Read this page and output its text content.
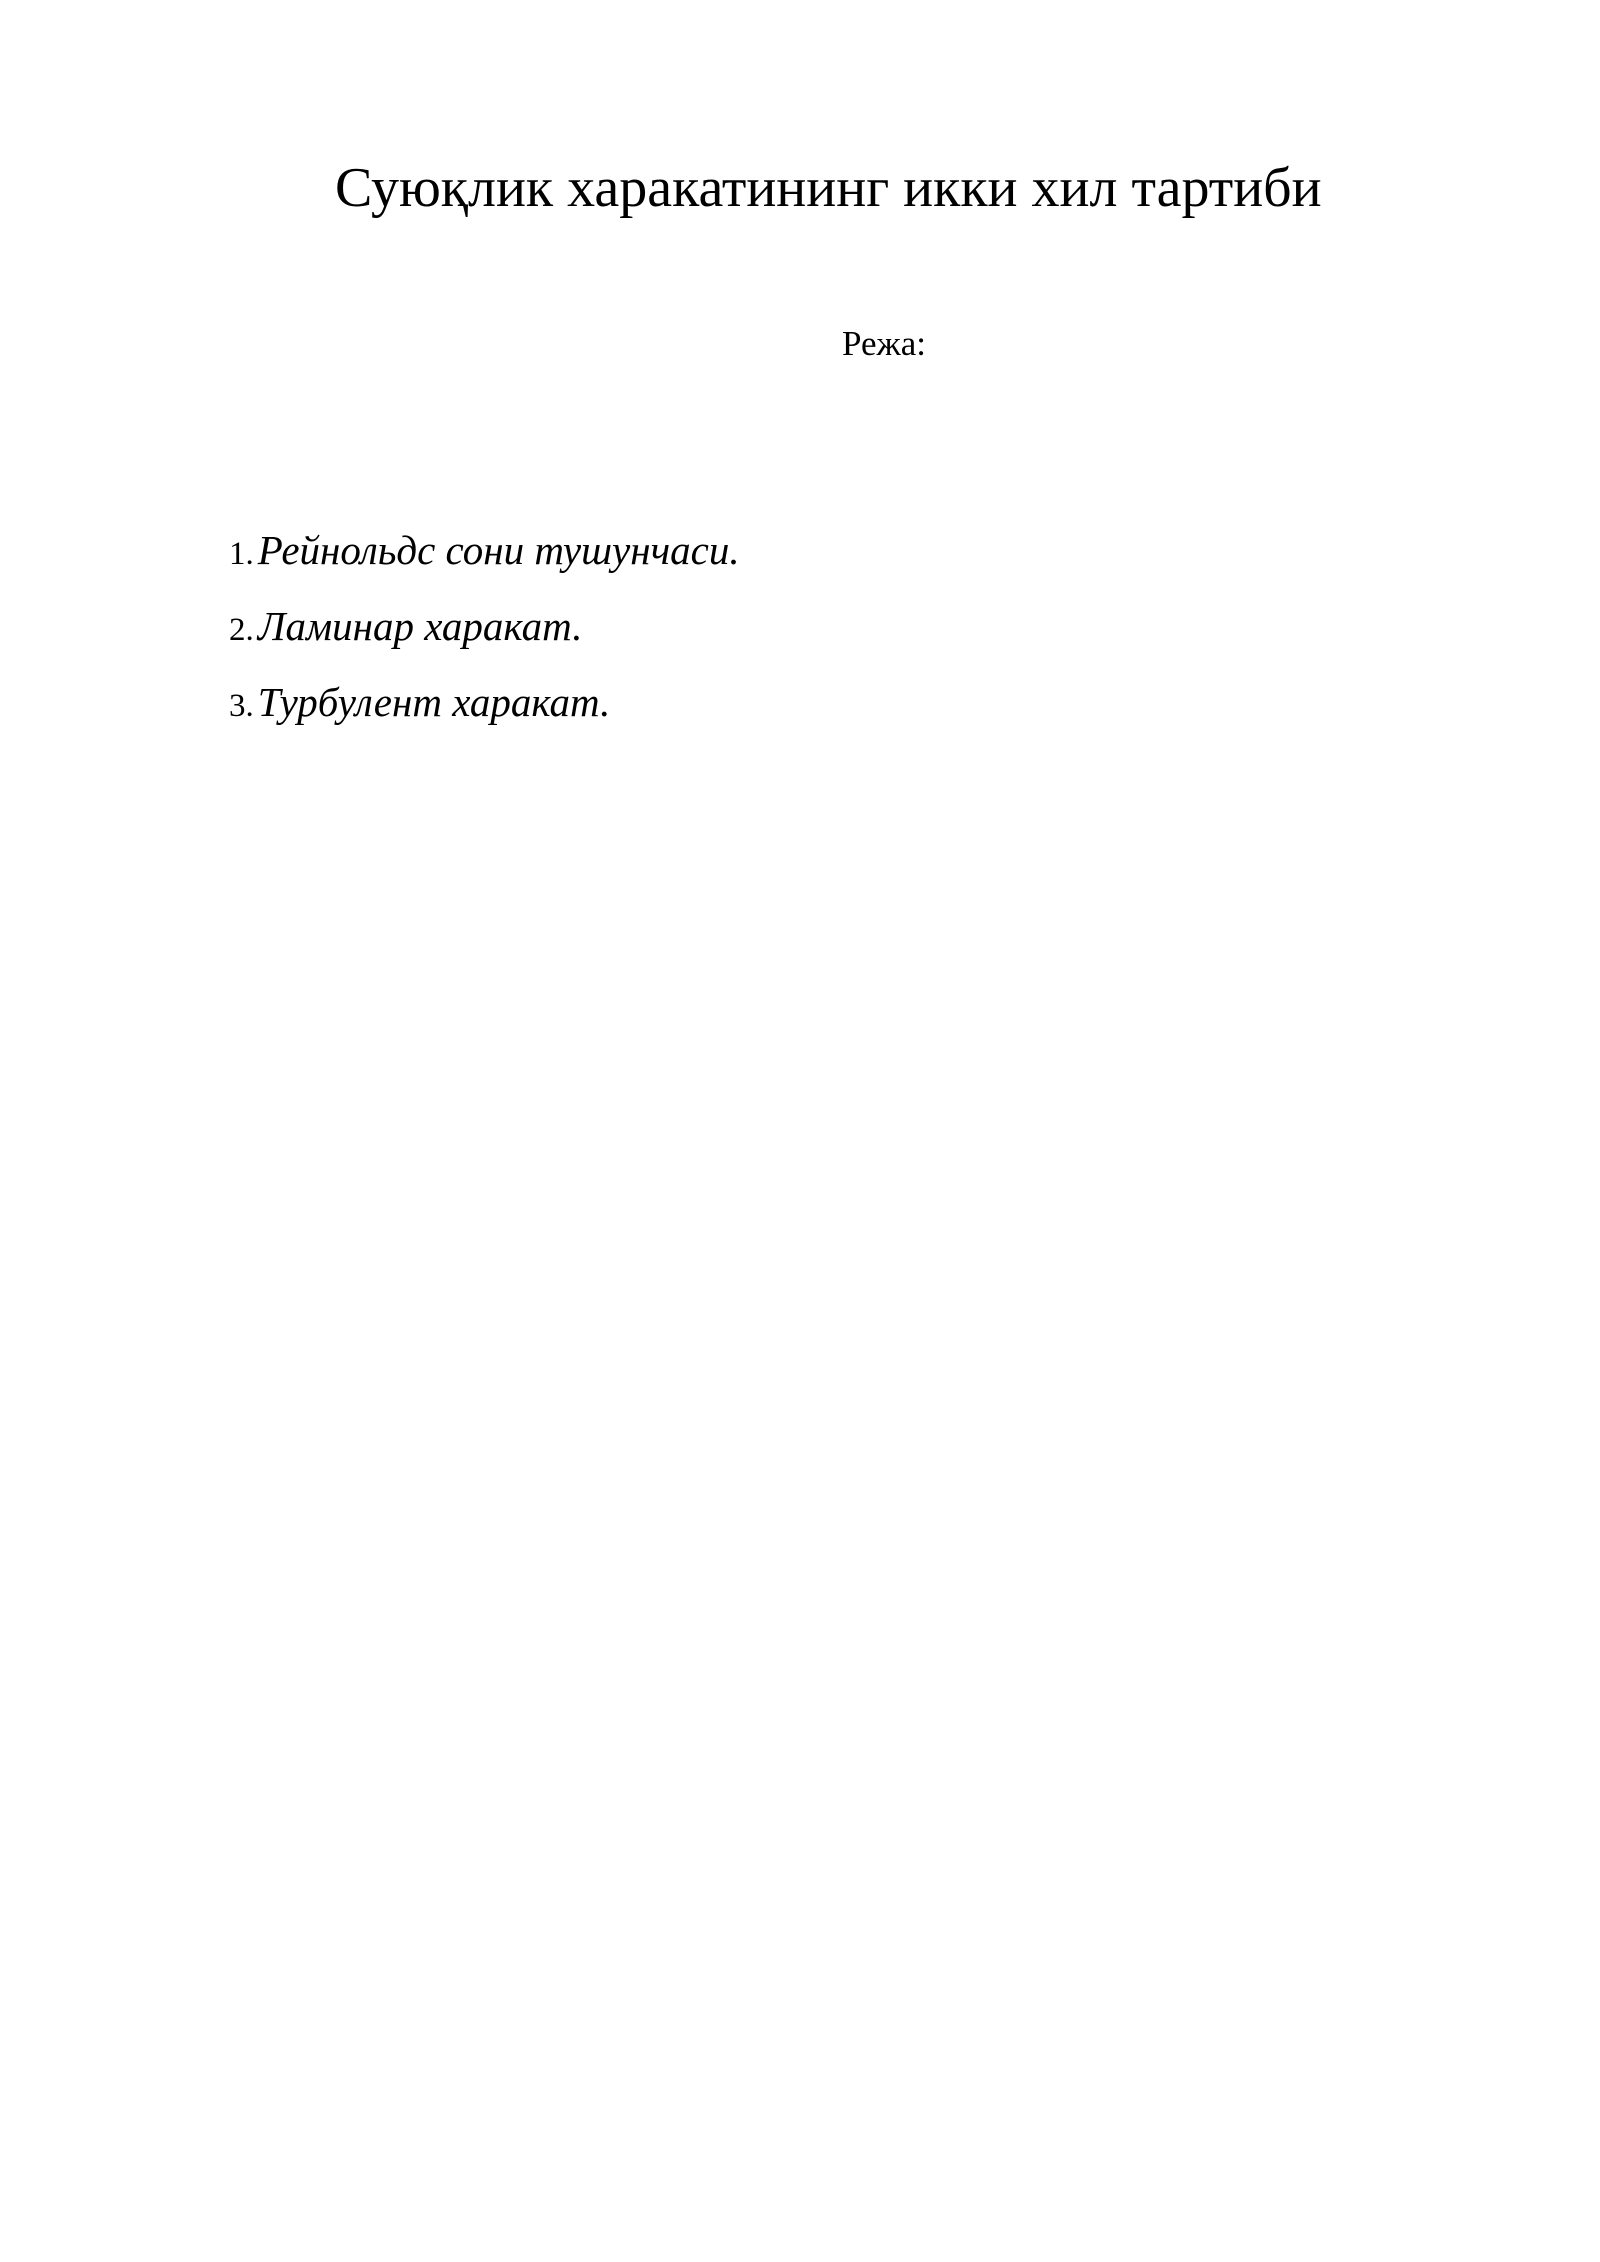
Суюқлик харакатининг икки хил тартиби

Режа:

1. Рейнольдс сони тушунчаси.
2. Ламинар харакат.
3. Турбулент харакат.
